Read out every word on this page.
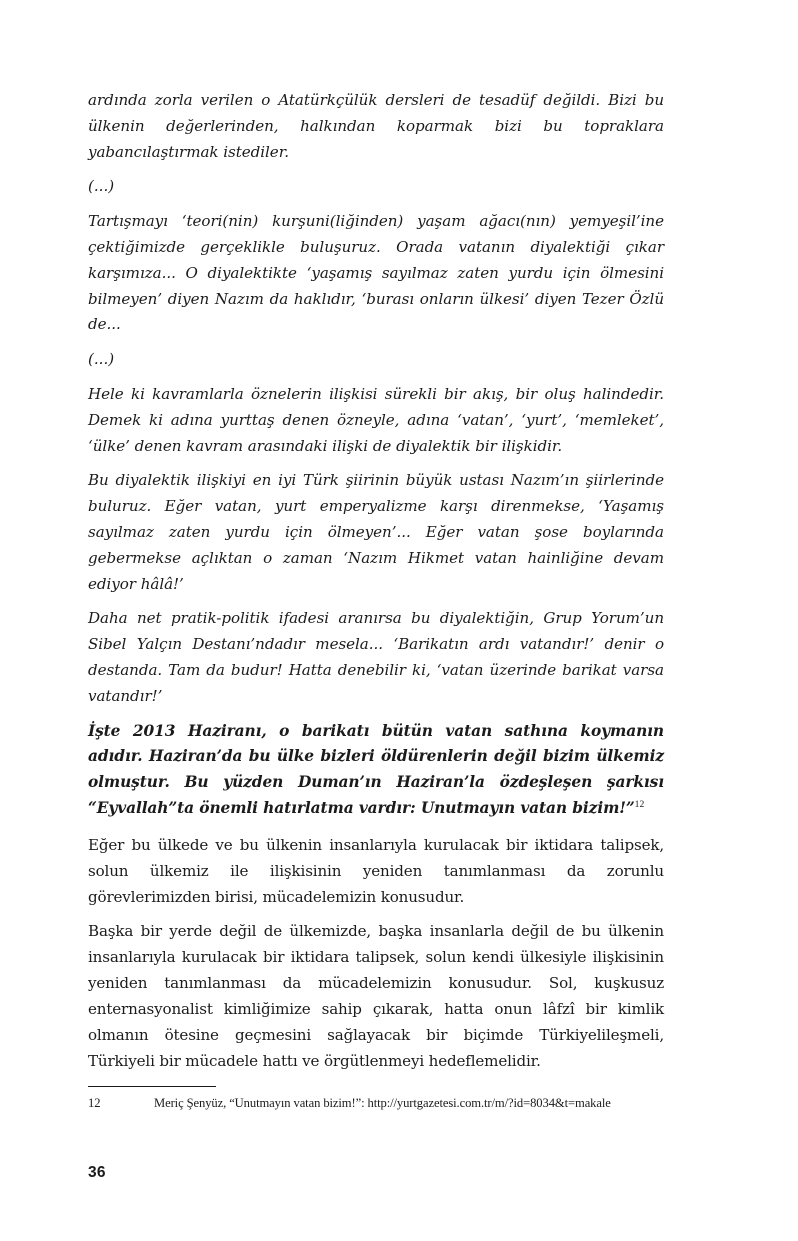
ardında zorla verilen o Atatürkçülük dersleri de tesadüf değildi. Bizi bu ülkenin değerlerinden, halkından koparmak bizi bu topraklara yabancılaştırmak istediler.

(...)

Tartışmayı ‘teori(nin) kurşuni(liğinden) yaşam ağacı(nın) yemyeşil’ine çektiğimizde gerçeklikle buluşuruz. Orada vatanın diyalektiği çıkar karşımıza... O diyalektikte ‘yaşamış sayılmaz zaten yurdu için ölmesini bilmeyen’ diyen Nazım da haklıdır, ‘burası onların ülkesi’ diyen Tezer Özlü de...

(...)

Hele ki kavramlarla öznelerin ilişkisi sürekli bir akış, bir oluş halindedir. Demek ki adına yurttaş denen özneyle, adına ‘vatan’, ‘yurt’, ‘memleket’, ‘ülke’ denen kavram arasındaki ilişki de diyalektik bir ilişkidir.

Bu diyalektik ilişkiyi en iyi Türk şiirinin büyük ustası Nazım’ın şiirlerinde buluruz. Eğer vatan, yurt emperyalizme karşı direnmekse, ‘Yaşamış sayılmaz zaten yurdu için ölmeyen’... Eğer vatan şose boylarında gebermekse açlıktan o zaman ‘Nazım Hikmet vatan hainliğine devam ediyor hâlâ!’

Daha net pratik-politik ifadesi aranırsa bu diyalektiğin, Grup Yorum’un Sibel Yalçın Destanı’ndadır mesela... ‘Barikatın ardı vatandır!’ denir o destanda. Tam da budur! Hatta denebilir ki, ‘vatan üzerinde barikat varsa vatandır!’

İşte 2013 Haziranı, o barikatı bütün vatan sathına koymanın adıdır. Haziran’da bu ülke bizleri öldürenlerin değil bizim ülkemiz olmuştur. Bu yüzden Duman’ın Haziran’la özdeşleşen şarkısı “Eyvallah”ta önemli hatırlatma vardır: Unutmayın vatan bizim!”$^{12}$

Eğer bu ülkede ve bu ülkenin insanlarıyla kurulacak bir iktidara talipsek, solun ülkemiz ile ilişkisinin yeniden tanımlanması da zorunlu görevlerimizden birisi, mücadelemizin konusudur.

Başka bir yerde değil de ülkemizde, başka insanlarla değil de bu ülkenin insanlarıyla kurulacak bir iktidara talipsek, solun kendi ülkesiyle ilişkisinin yeniden tanımlanması da mücadelemizin konusudur. Sol, kuşkusuz enternasyonalist kimliğimize sahip çıkarak, hatta onun lâfzî bir kimlik olmanın ötesine geçmesini sağlayacak bir biçimde Türkiyelileşmeli, Türkiyeli bir mücadele hattı ve örgütlenmeyi hedeflemelidir.

12	Meriç Şenyüz, “Unutmayın vatan bizim!”: http://yurtgazetesi.com.tr/m/?id=8034&t=makale

36
